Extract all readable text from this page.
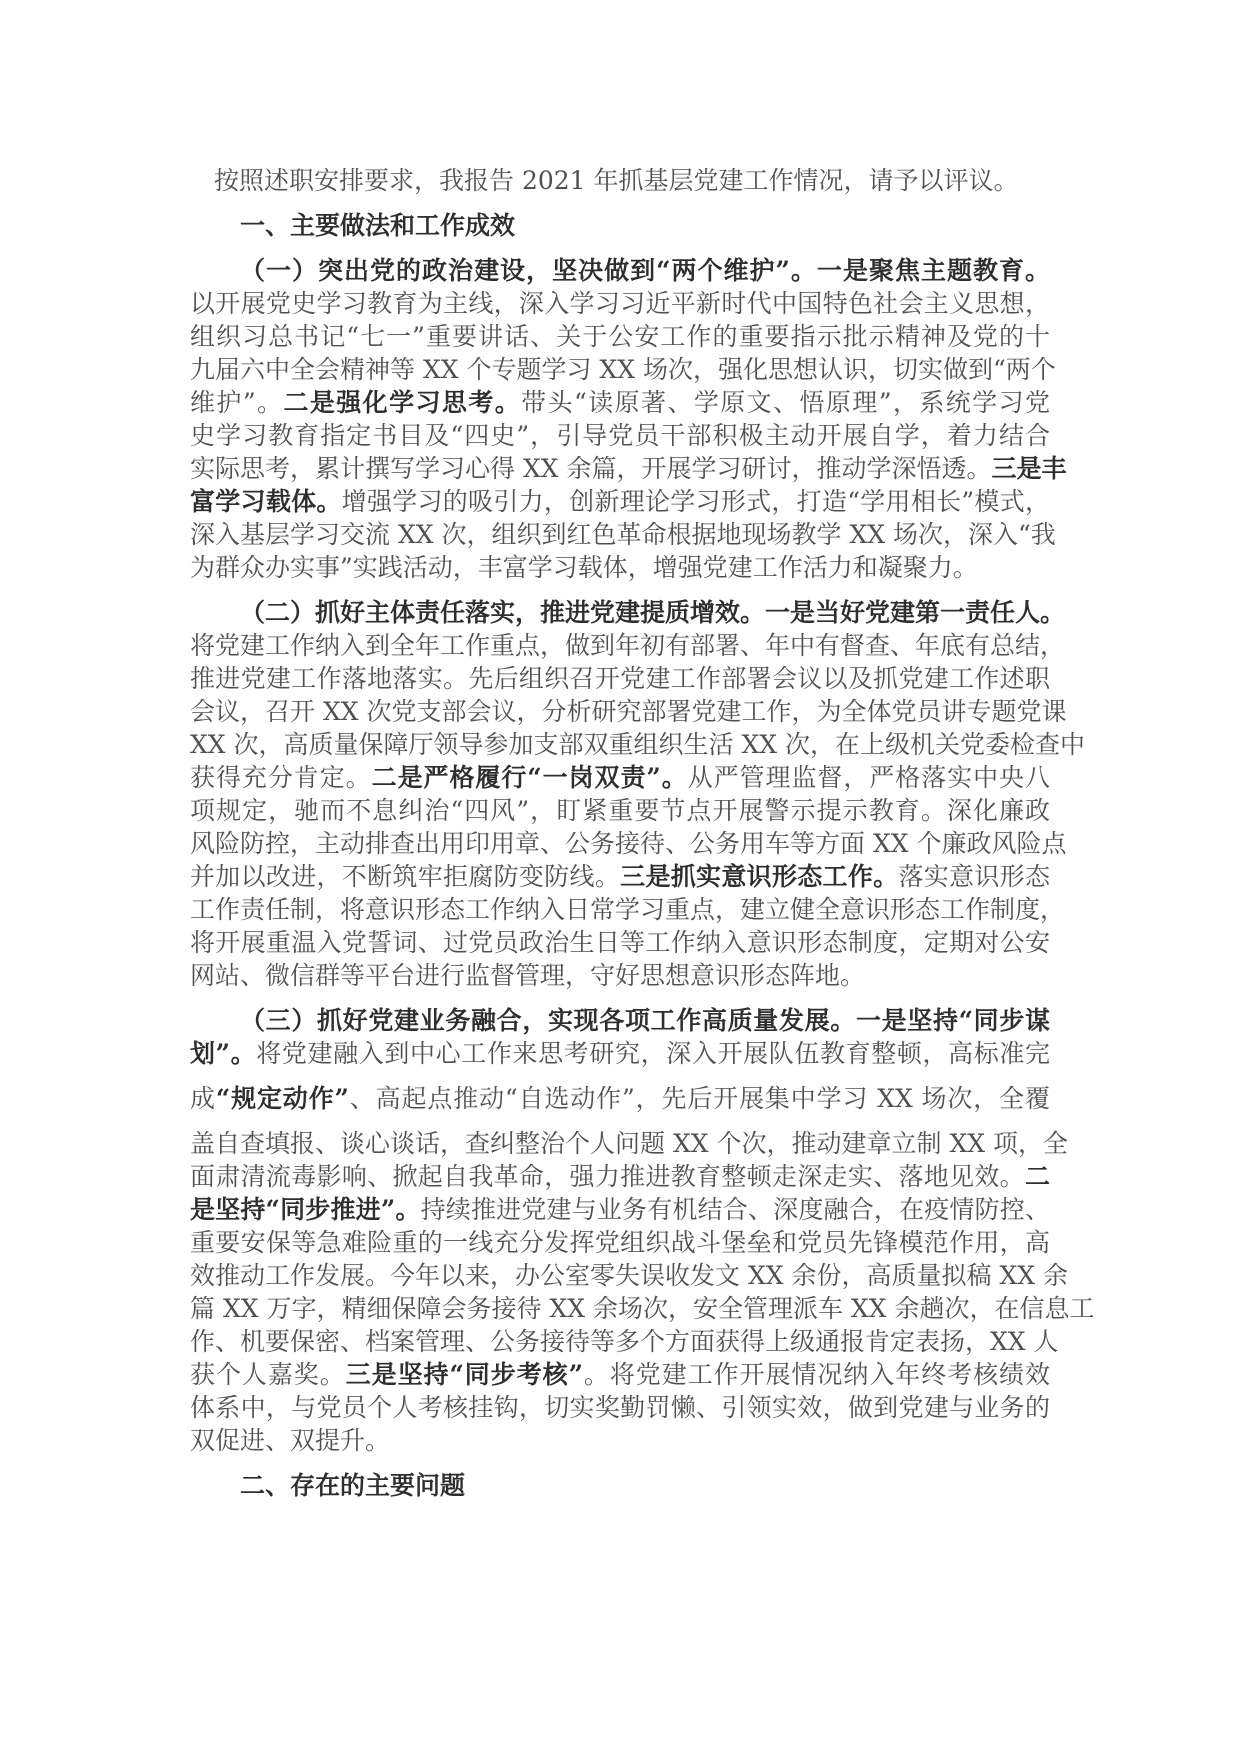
按照述职安排要求，我报告 2021 年抓基层党建工作情况，请予以评议。
一、主要做法和工作成效
（一）突出党的政治建设，坚决做到“两个维护”。一是聚焦主题教育。
以开展党史学习教育为主线，深入学习习近平新时代中国特色社会主义思想，
组织习总书记“七一”重要讲话、关于公安工作的重要指示批示精神及党的十
九届六中全会精神等 XX 个专题学习 XX 场次，强化思想认识，切实做到“两个
维护”。二是强化学习思考。带头“读原著、学原文、悟原理”，系统学习党
史学习教育指定书目及“四史”，引导党员干部积极主动开展自学，着力结合
实际思考，累计撰写学习心得 XX 余篇，开展学习研讨，推动学深悟透。三是丰
富学习载体。增强学习的吸引力，创新理论学习形式，打造“学用相长”模式，
深入基层学习交流 XX 次，组织到红色革命根据地现场教学 XX 场次，深入“我
为群众办实事”实践活动，丰富学习载体，增强党建工作活力和凝聚力。
（二）抓好主体责任落实，推进党建提质增效。一是当好党建第一责任人。
将党建工作纳入到全年工作重点，做到年初有部署、年中有督查、年底有总结，
推进党建工作落地落实。先后组织召开党建工作部署会议以及抓党建工作述职
会议，召开 XX 次党支部会议，分析研究部署党建工作，为全体党员讲专题党课
XX 次，高质量保障厅领导参加支部双重组织生活 XX 次，在上级机关党委检查中
获得充分肯定。二是严格履行“一岗双责”。从严管理监督，严格落实中央八
项规定，驰而不息纠治“四风”，盯紧重要节点开展警示提示教育。深化廉政
风险防控，主动排查出用印用章、公务接待、公务用车等方面 XX 个廉政风险点
并加以改进，不断筑牢拒腐防变防线。三是抓实意识形态工作。落实意识形态
工作责任制，将意识形态工作纳入日常学习重点，建立健全意识形态工作制度，
将开展重温入党誓词、过党员政治生日等工作纳入意识形态制度，定期对公安
网站、微信群等平台进行监督管理，守好思想意识形态阵地。
（三）抓好党建业务融合，实现各项工作高质量发展。一是坚持“同步谋
划”。将党建融入到中心工作来思考研究，深入开展队伍教育整顿，高标准完
成“规定动作”、高起点推动“自选动作”，先后开展集中学习 XX 场次，全覆
盖自查填报、谈心谈话，查纠整治个人问题 XX 个次，推动建章立制 XX 项，全
面肃清流毒影响、掀起自我革命，强力推进教育整顿走深走实、落地见效。二
是坚持“同步推进”。持续推进党建与业务有机结合、深度融合，在疫情防控、
重要安保等急难险重的一线充分发挥党组织战斗堡垒和党员先锋模范作用，高
效推动工作发展。今年以来，办公室零失误收发文 XX 余份，高质量拟稿 XX 余
篇 XX 万字，精细保障会务接待 XX 余场次，安全管理派车 XX 余趟次，在信息工
作、机要保密、档案管理、公务接待等多个方面获得上级通报肯定表扬，XX 人
获个人嘉奖。三是坚持“同步考核”。将党建工作开展情况纳入年终考核绩效
体系中，与党员个人考核挂钩，切实奖勤罚懒、引领实效，做到党建与业务的
双促进、双提升。
二、存在的主要问题
